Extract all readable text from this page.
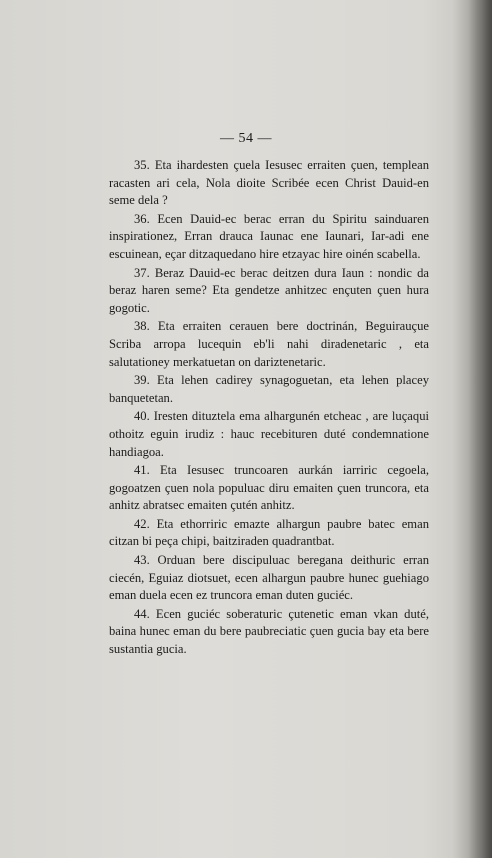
— 54 —

35. Eta ihardesten çuela Iesusec erraiten çuen, templean racasten ari cela, Nola dioite Scribée ecen Christ Dauid-en seme dela ?

36. Ecen Dauid-ec berac erran du Spiritu sainduaren inspirationez, Erran drauca Iaunac ene Iaunari, Iar-adi ene escuinean, eçar ditzaquedano hire etzayac hire oinén scabella.

37. Beraz Dauid-ec berac deitzen dura Iaun : nondic da beraz haren seme? Eta gendetze anhitzec ençuten çuen hura gogotic.

38. Eta erraiten cerauen bere doctrinán, Beguirauçue Scriba arropa lucequin eb'li nahi diradenetaric , eta salutationey merkatuetan on dariztenetaric.

39. Eta lehen cadirey synagoguetan, eta lehen placey banquetetan.

40. Iresten dituztela ema alhargunén etcheac , are luçaqui othoitz eguin irudiz : hauc recebituren duté condemnatione handiagoa.

41. Eta Iesusec truncoaren aurkán iarriric cegoela, gogoatzen çuen nola populuac diru emaiten çuen truncora, eta anhitz abratsec emaiten çutén anhitz.

42. Eta ethorriric emazte alhargun paubre batec eman citzan bi peça chipi, baitziraden quadrantbat.

43. Orduan bere discipuluac beregana deithuric erran ciecén, Eguiaz diotsuet, ecen alhargun paubre hunec guehiago eman duela ecen ez truncora eman duten guciéc.

44. Ecen guciéc soberaturic çutenetic eman vkan duté, baina hunec eman du bere paubreciatic çuen gucia bay eta bere sustantia gucia.
